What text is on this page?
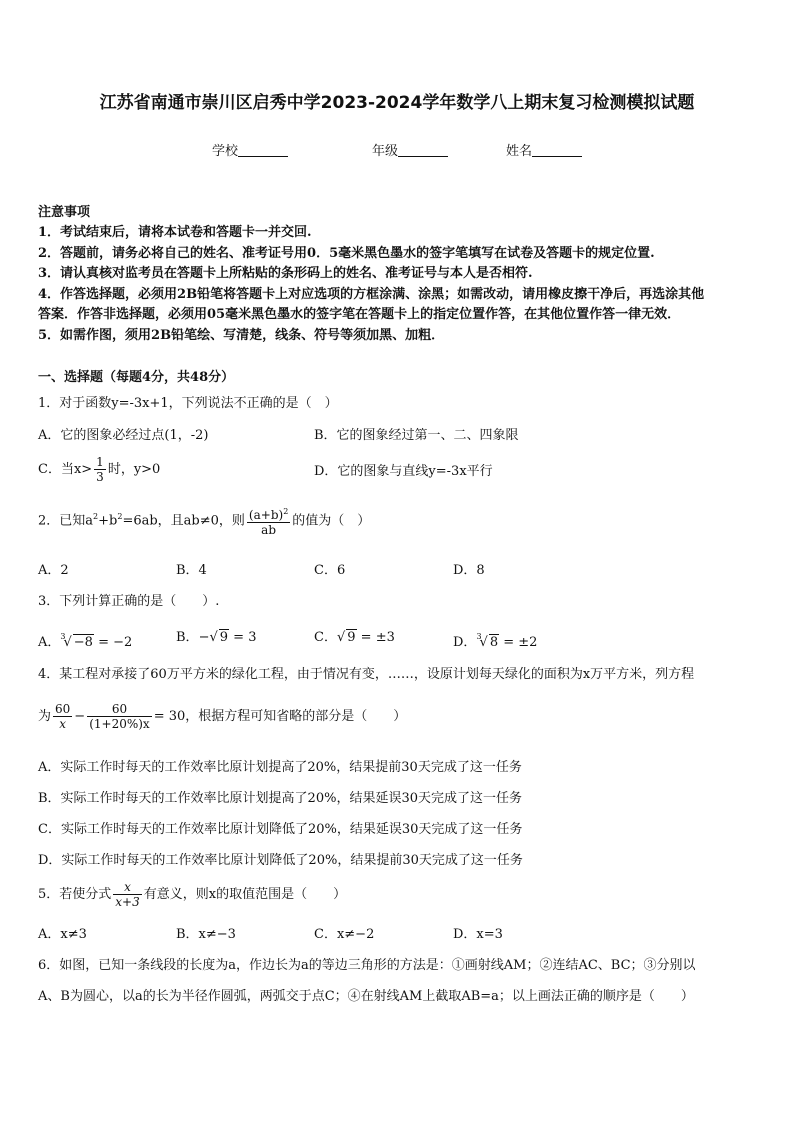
江苏省南通市崇川区启秀中学2023-2024学年数学八上期末复习检测模拟试题
学校	年级	姓名
注意事项
1．考试结束后，请将本试卷和答题卡一并交回.
2．答题前，请务必将自己的姓名、准考证号用0．5毫米黑色墨水的签字笔填写在试卷及答题卡的规定位置.
3．请认真核对监考员在答题卡上所粘贴的条形码上的姓名、准考证号与本人是否相符.
4．作答选择题，必须用2B铅笔将答题卡上对应选项的方框涂满、涂黑；如需改动，请用橡皮擦干净后，再选涂其他
答案．作答非选择题，必须用05毫米黑色墨水的签字笔在答题卡上的指定位置作答，在其他位置作答一律无效．
5．如需作图，须用2B铅笔绘、写清楚，线条、符号等须加黑、加粗．
一、选择题（每题4分，共48分）
1．对于函数y=-3x+1，下列说法不正确的是（　）
A．它的图象必经过点(1，-2)	B．它的图象经过第一、二、四象限
C．当$x> \frac{1}{3}$ 时，y>0	D．它的图象与直线y=-3x平行
2．已知$a^2+b^2=6ab$，且ab≠0，则 $\frac{(a+b)^2}{ab}$ 的值为（　）
A．2	B．4	C．6	D．8
3．下列计算正确的是（　　）.
A．$^3$√ −8 = −2	B．−√ 9 = 3	C．√ 9 = ±3	D．$^3$√ 8 = ±2
4．某工程对承接了60万平方米的绿化工程，由于情况有变，……，设原计划每天绿化的面积为x万平方米，列方程
为 $\frac{60}{x} - \frac{60}{(1+20\%)x} = 30$，根据方程可知省略的部分是（　　）
A．实际工作时每天的工作效率比原计划提高了20%，结果提前30天完成了这一任务
B．实际工作时每天的工作效率比原计划提高了20%，结果延误30天完成了这一任务
C．实际工作时每天的工作效率比原计划降低了20%，结果延误30天完成了这一任务
D．实际工作时每天的工作效率比原计划降低了20%，结果提前30天完成了这一任务
5．若使分式 $\frac{x}{x+3}$ 有意义，则x的取值范围是（　　）
A．x≠3	B．x≠−3	C．x≠−2	D．x=3
6．如图，已知一条线段的长度为a，作边长为a的等边三角形的方法是：①画射线AM；②连结AC、BC；③分别以
A、B为圆心，以a的长为半径作圆弧，两弧交于点C；④在射线AM上截取AB=a；以上画法正确的顺序是（　　）
